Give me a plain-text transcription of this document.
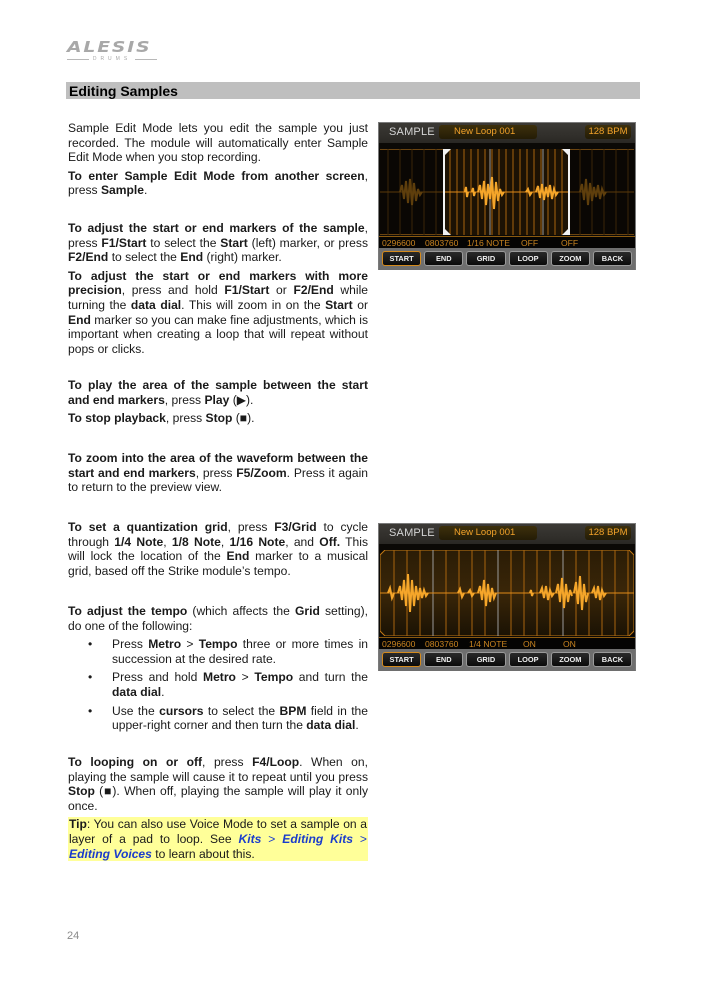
ALESIS
DRUMS
Editing Samples

Sample Edit Mode lets you edit the sample you just recorded. The module will automatically enter Sample Edit Mode when you stop recording.

To enter Sample Edit Mode from another screen, press Sample.

To adjust the start or end markers of the sample, press F1/Start to select the Start (left) marker, or press F2/End to select the End (right) marker.

To adjust the start or end markers with more precision, press and hold F1/Start or F2/End while turning the data dial. This will zoom in on the Start or End marker so you can make fine adjustments, which is important when creating a loop that will repeat without pops or clicks.

To play the area of the sample between the start and end markers, press Play (▶).

To stop playback, press Stop (■).

To zoom into the area of the waveform between the start and end markers, press F5/Zoom. Press it again to return to the preview view.

To set a quantization grid, press F3/Grid to cycle through 1/4 Note, 1/8 Note, 1/16 Note, and Off. This will lock the location of the End marker to a musical grid, based off the Strike module’s tempo.

To adjust the tempo (which affects the Grid setting), do one of the following:

• Press Metro > Tempo three or more times in succession at the desired rate.
• Press and hold Metro > Tempo and turn the data dial.
• Use the cursors to select the BPM field in the upper-right corner and then turn the data dial.

To looping on or off, press F4/Loop. When on, playing the sample will cause it to repeat until you press Stop (■). When off, playing the sample will play it only once.

Tip: You can also use Voice Mode to set a sample on a layer of a pad to loop. See Kits > Editing Kits > Editing Voices to learn about this.

SAMPLE	New Loop 001	128 BPM
0296600 0803760 1/16 NOTE OFF	OFF
START	END	GRID	LOOP	ZOOM	BACK
SAMPLE	New Loop 001	128 BPM
0296600 0803760 1/4 NOTE ON	ON
START	END	GRID	LOOP	ZOOM	BACK
24
